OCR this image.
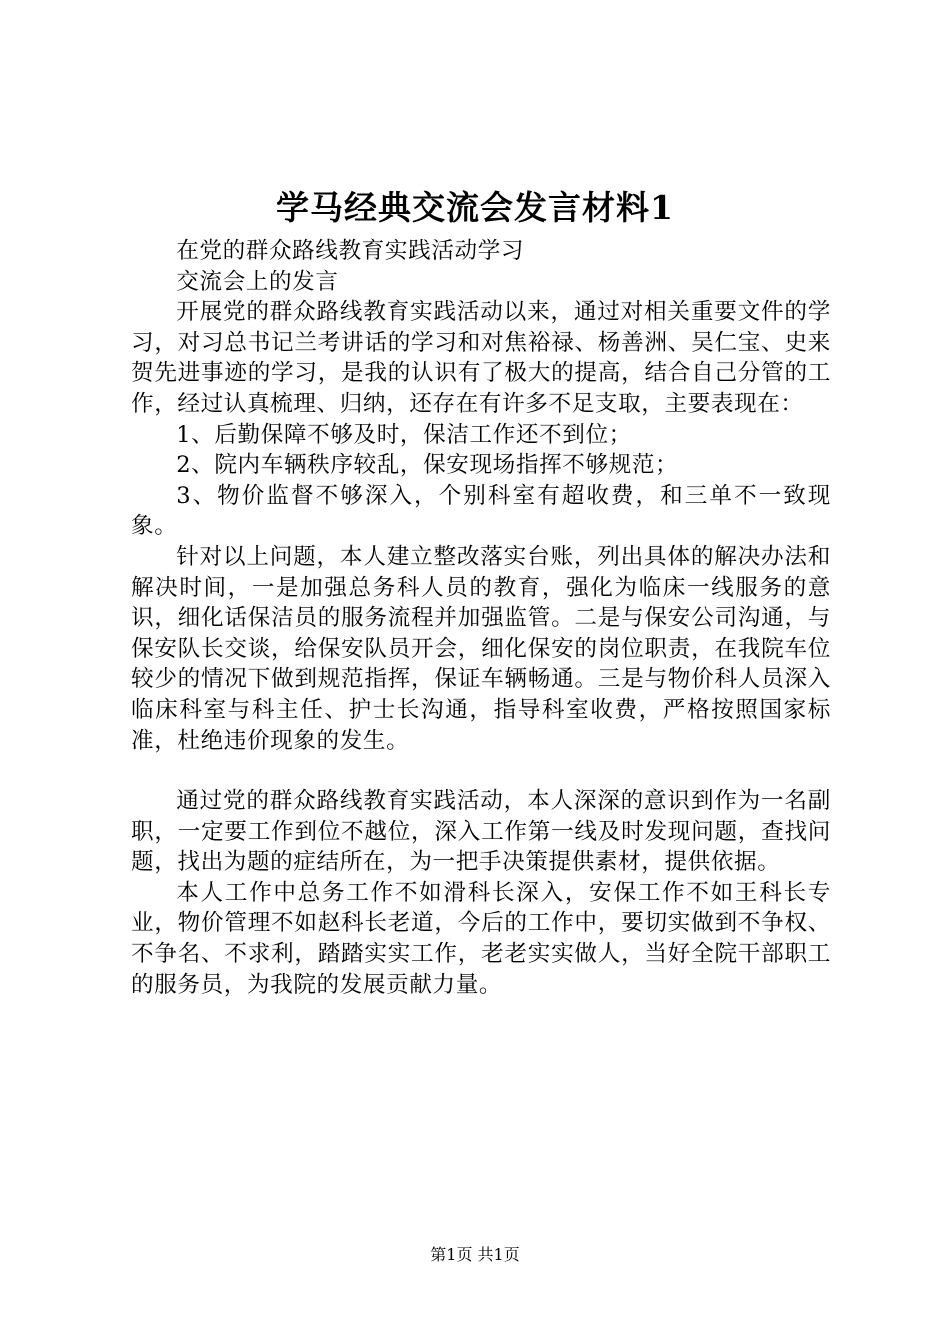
学马经典交流会发言材料1

在党的群众路线教育实践活动学习

交流会上的发言

开展党的群众路线教育实践活动以来，通过对相关重要文件的学习，对习总书记兰考讲话的学习和对焦裕禄、杨善洲、吴仁宝、史来贺先进事迹的学习，是我的认识有了极大的提高，结合自己分管的工作，经过认真梳理、归纳，还存在有许多不足支取，主要表现在：

1、后勤保障不够及时，保洁工作还不到位；

2、院内车辆秩序较乱，保安现场指挥不够规范；

3、物价监督不够深入，个别科室有超收费，和三单不一致现象。

针对以上问题，本人建立整改落实台账，列出具体的解决办法和解决时间，一是加强总务科人员的教育，强化为临床一线服务的意识，细化话保洁员的服务流程并加强监管。二是与保安公司沟通，与保安队长交谈，给保安队员开会，细化保安的岗位职责，在我院车位较少的情况下做到规范指挥，保证车辆畅通。三是与物价科人员深入临床科室与科主任、护士长沟通，指导科室收费，严格按照国家标准，杜绝违价现象的发生。

通过党的群众路线教育实践活动，本人深深的意识到作为一名副职，一定要工作到位不越位，深入工作第一线及时发现问题，查找问题，找出为题的症结所在，为一把手决策提供素材，提供依据。

本人工作中总务工作不如滑科长深入，安保工作不如王科长专业，物价管理不如赵科长老道，今后的工作中，要切实做到不争权、不争名、不求利，踏踏实实工作，老老实实做人，当好全院干部职工的服务员，为我院的发展贡献力量。

第1页 共1页
